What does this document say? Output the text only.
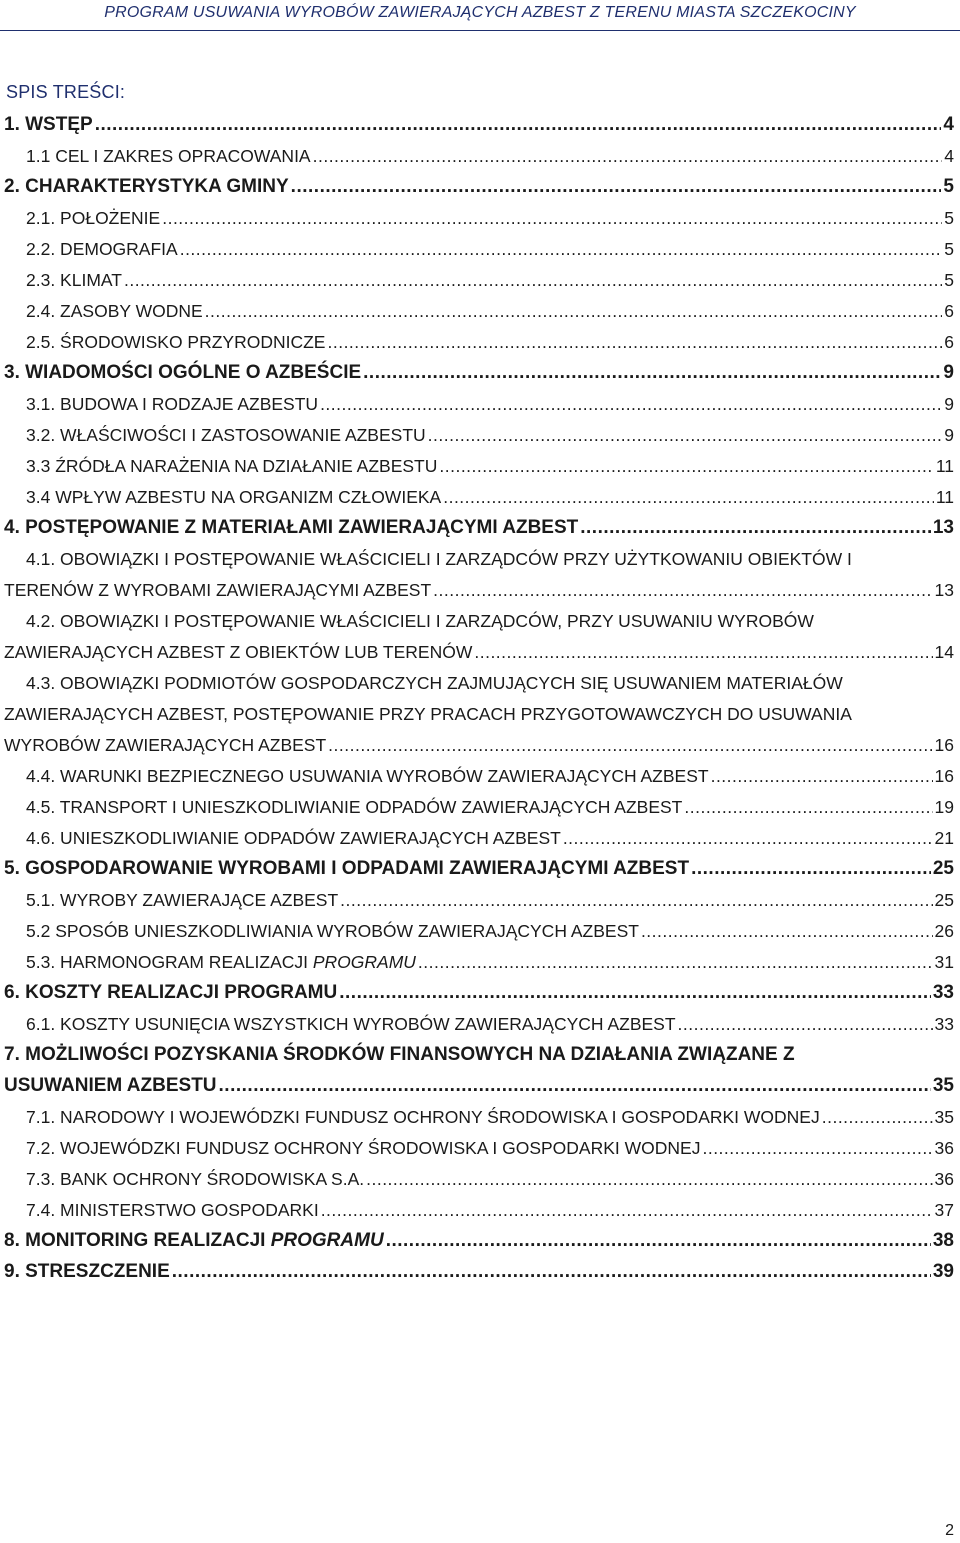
PROGRAM USUWANIA WYROBÓW ZAWIERAJĄCYCH AZBEST Z TERENU MIASTA SZCZEKOCINY
SPIS TREŚCI:
1. WSTĘP .....	4
1.1 CEL I ZAKRES OPRACOWANIA .....	4
2. CHARAKTERYSTYKA GMINY .....	5
2.1. POŁOŻENIE .....	5
2.2. DEMOGRAFIA .....	5
2.3. KLIMAT .....	5
2.4. ZASOBY WODNE .....	6
2.5. ŚRODOWISKO PRZYRODNICZE .....	6
3. WIADOMOŚCI OGÓLNE O AZBEŚCIE .....	9
3.1. BUDOWA I RODZAJE AZBESTU .....	9
3.2. WŁAŚCIWOŚCI I ZASTOSOWANIE AZBESTU .....	9
3.3 ŹRÓDŁA NARAŻENIA NA DZIAŁANIE AZBESTU .....	11
3.4 WPŁYW AZBESTU NA ORGANIZM CZŁOWIEKA .....	11
4. POSTĘPOWANIE Z MATERIAŁAMI ZAWIERAJĄCYMI AZBEST .....	13
4.1. OBOWIĄZKI I POSTĘPOWANIE WŁAŚCICIELI I ZARZĄDCÓW PRZY UŻYTKOWANIU OBIEKTÓW I
TERENÓW Z WYROBAMI ZAWIERAJĄCYMI AZBEST .....	13
4.2. OBOWIĄZKI I POSTĘPOWANIE WŁAŚCICIELI I ZARZĄDCÓW, PRZY USUWANIU WYROBÓW
ZAWIERAJĄCYCH AZBEST Z OBIEKTÓW LUB TERENÓW .....	14
4.3. OBOWIĄZKI PODMIOTÓW GOSPODARCZYCH ZAJMUJĄCYCH SIĘ USUWANIEM MATERIAŁÓW
ZAWIERAJĄCYCH AZBEST, POSTĘPOWANIE PRZY PRACACH PRZYGOTOWAWCZYCH DO USUWANIA
WYROBÓW ZAWIERAJĄCYCH AZBEST .....	16
4.4. WARUNKI BEZPIECZNEGO USUWANIA WYROBÓW ZAWIERAJĄCYCH AZBEST .....	16
4.5. TRANSPORT I UNIESZKODLIWIANIE ODPADÓW ZAWIERAJĄCYCH AZBEST .....	19
4.6. UNIESZKODLIWIANIE ODPADÓW ZAWIERAJĄCYCH AZBEST .....	21
5. GOSPODAROWANIE WYROBAMI I ODPADAMI ZAWIERAJĄCYMI AZBEST .....	25
5.1. WYROBY ZAWIERAJĄCE AZBEST .....	25
5.2 SPOSÓB UNIESZKODLIWIANIA WYROBÓW ZAWIERAJĄCYCH AZBEST .....	26
5.3. HARMONOGRAM REALIZACJI PROGRAMU .....	31
6. KOSZTY REALIZACJI PROGRAMU .....	33
6.1. KOSZTY USUNIĘCIA WSZYSTKICH WYROBÓW ZAWIERAJĄCYCH AZBEST .....	33
7. MOŻLIWOŚCI POZYSKANIA ŚRODKÓW FINANSOWYCH NA DZIAŁANIA ZWIĄZANE Z
USUWANIEM AZBESTU .....	35
7.1. NARODOWY I WOJEWÓDZKI FUNDUSZ OCHRONY ŚRODOWISKA I GOSPODARKI WODNEJ .....	35
7.2. WOJEWÓDZKI FUNDUSZ OCHRONY ŚRODOWISKA I GOSPODARKI WODNEJ .....	36
7.3. BANK OCHRONY ŚRODOWISKA S.A. .....	36
7.4. MINISTERSTWO GOSPODARKI .....	37
8. MONITORING REALIZACJI PROGRAMU .....	38
9. STRESZCZENIE .....	39
2
